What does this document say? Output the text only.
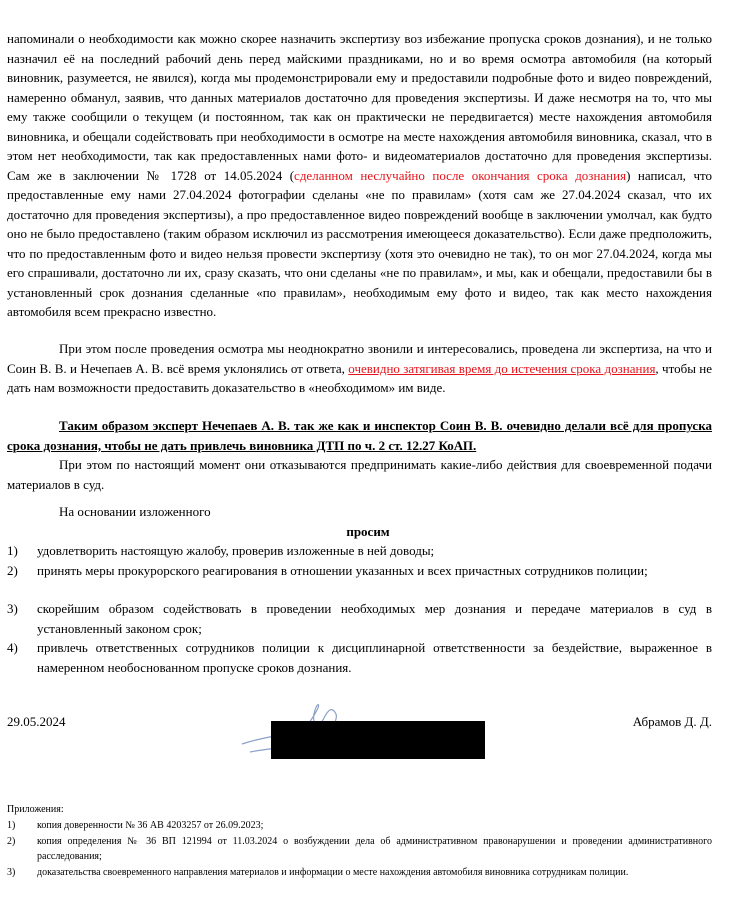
напоминали о необходимости как можно скорее назначить экспертизу воз избежание пропуска сроков дознания), и не только назначил её на последний рабочий день перед майскими праздниками, но и во время осмотра автомобиля (на который виновник, разумеется, не явился), когда мы продемонстрировали ему и предоставили подробные фото и видео повреждений, намеренно обманул, заявив, что данных материалов достаточно для проведения экспертизы. И даже несмотря на то, что мы ему также сообщили о текущем (и постоянном, так как он практически не передвигается) месте нахождения автомобиля виновника, и обещали содействовать при необходимости в осмотре на месте нахождения автомобиля виновника, сказал, что в этом нет необходимости, так как предоставленных нами фото- и видеоматериалов достаточно для проведения экспертизы. Сам же в заключении № 1728 от 14.05.2024 (сделанном неслучайно после окончания срока дознания) написал, что предоставленные ему нами 27.04.2024 фотографии сделаны «не по правилам» (хотя сам же 27.04.2024 сказал, что их достаточно для проведения экспертизы), а про предоставленное видео повреждений вообще в заключении умолчал, как будто оно не было предоставлено (таким образом исключил из рассмотрения имеющееся доказательство). Если даже предположить, что по предоставленным фото и видео нельзя провести экспертизу (хотя это очевидно не так), то он мог 27.04.2024, когда мы его спрашивали, достаточно ли их, сразу сказать, что они сделаны «не по правилам», и мы, как и обещали, предоставили бы в установленный срок дознания сделанные «по правилам», необходимым ему фото и видео, так как место нахождения автомобиля всем прекрасно известно.

При этом после проведения осмотра мы неоднократно звонили и интересовались, проведена ли экспертиза, на что и Соин В. В. и Нечепаев А. В. всё время уклонялись от ответа, очевидно затягивая время до истечения срока дознания, чтобы не дать нам возможности предоставить доказательство в «необходимом» им виде.

Таким образом эксперт Нечепаев А. В. так же как и инспектор Соин В. В. очевидно делали всё для пропуска срока дознания, чтобы не дать привлечь виновника ДТП по ч. 2 ст. 12.27 КоАП.

При этом по настоящий момент они отказываются предпринимать какие-либо действия для своевременной подачи материалов в суд.

На основании изложенного

просим

1)	удовлетворить настоящую жалобу, проверив изложенные в ней доводы;
2)	принять меры прокурорского реагирования в отношении указанных и всех причастных сотрудников полиции;
3)	скорейшим образом содействовать в проведении необходимых мер дознания и передаче материалов в суд в установленный законом срок;
4)	привлечь ответственных сотрудников полиции к дисциплинарной ответственности за бездействие, выраженное в намеренном необоснованном пропуске сроков дознания.
29.05.2024	Абрамов Д. Д.
Приложения:
1)	копия доверенности № 36 АВ 4203257 от 26.09.2023;
2)	копия определения № 36 ВП 121994 от 11.03.2024 о возбуждении дела об административном правонарушении и проведении административного расследования;
3)	доказательства своевременного направления материалов и информации о месте нахождения автомобиля виновника сотрудникам полиции.
